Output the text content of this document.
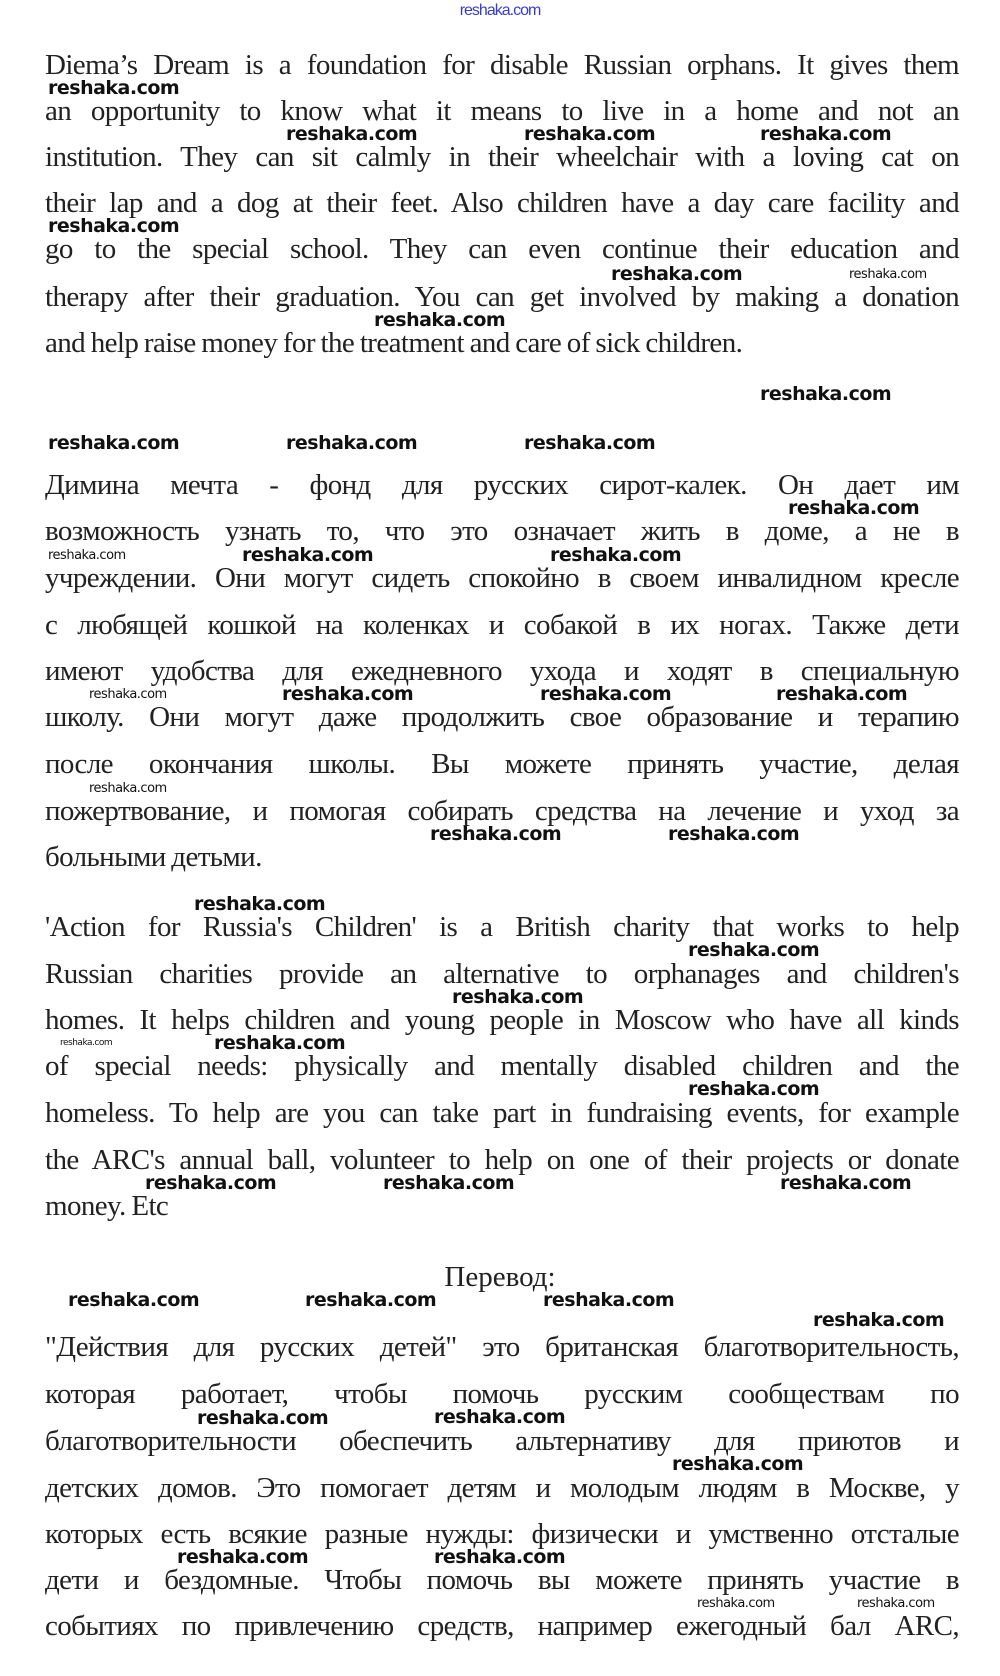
reshaka.com
Diema’s Dream is a foundation for disable Russian orphans. It gives them
an opportunity to know what it means to live in a home and not an
institution. They can sit calmly in their wheelchair with a loving cat on
their lap and a dog at their feet. Also children have a day care facility and
go to the special school. They can even continue their education and
therapy after their graduation. You can get involved by making a donation
and help raise money for the treatment and care of sick children.
Димина мечта - фонд для русских сирот-калек. Он дает им
возможность узнать то, что это означает жить в доме, а не в
учреждении. Они могут сидеть спокойно в своем инвалидном кресле
с любящей кошкой на коленках и собакой в их ногах. Также дети
имеют удобства для ежедневного ухода и ходят в специальную
школу. Они могут даже продолжить свое образование и терапию
после окончания школы. Вы можете принять участие, делая
пожертвование, и помогая собирать средства на лечение и уход за
больными детьми.
'Action for Russia's Children' is a British charity that works to help
Russian charities provide an alternative to orphanages and children's
homes. It helps children and young people in Moscow who have all kinds
of special needs: physically and mentally disabled children and the
homeless. To help are you can take part in fundraising events, for example
the ARC's annual ball, volunteer to help on one of their projects or donate
money. Etc
"Действия для русских детей" это британская благотворительность,
которая работает, чтобы помочь русским сообществам по
благотворительности обеспечить альтернативу для приютов и
детских домов. Это помогает детям и молодым людям в Москве, у
которых есть всякие разные нужды: физически и умственно отсталые
дети и бездомные. Чтобы помочь вы можете принять участие в
событиях по привлечению средств, например ежегодный бал ARC,
Перевод:
reshaka.com
reshaka.com	reshaka.com	reshaka.com
reshaka.com
reshaka.com	reshaka.com
reshaka.com
reshaka.com
reshaka.com	reshaka.com	reshaka.com
reshaka.com
reshaka.com	reshaka.com	reshaka.com
reshaka.com	reshaka.com	reshaka.com	reshaka.com
reshaka.com
reshaka.com
reshaka.com
reshaka.com
reshaka.com
reshaka.com
reshaka.com	reshaka.com
reshaka.com
reshaka.com	reshaka.com	reshaka.com
reshaka.com	reshaka.com	reshaka.com
reshaka.com
reshaka.com	reshaka.com
reshaka.com
reshaka.com	reshaka.com
reshaka.com	reshaka.com
